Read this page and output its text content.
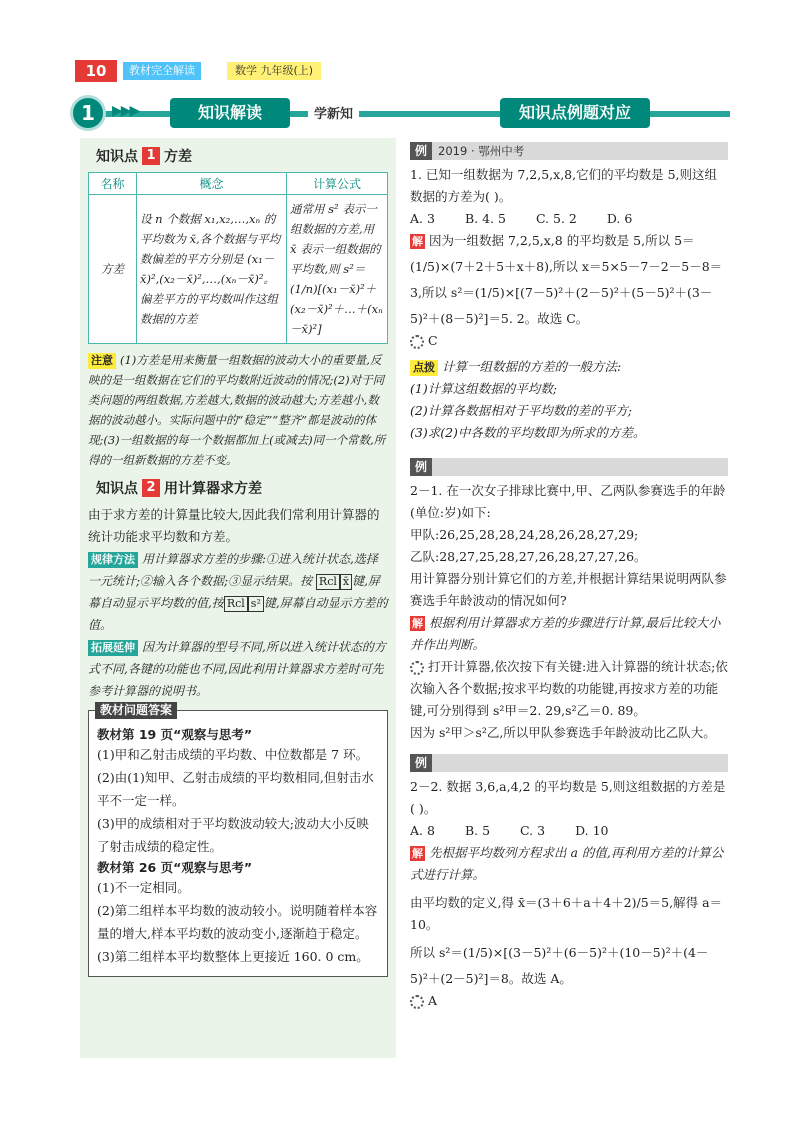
10	教材完全解读	数学 九年级(上)
1	▶▶▶	知识解读	学新知	知识点例题对应
知识点 1 方差
名称	概念	计算公式
方差	设 n 个数据 x₁,x₂,…,xₙ 的平均数为 x̄,各个数据与平均数偏差的平方分别是 (x₁－x̄)²,(x₂－x̄)²,…,(xₙ－x̄)²。偏差平方的平均数叫作这组数据的方差	通常用 s² 表示一组数据的方差,用 x̄ 表示一组数据的平均数,则 s²＝(1/n)[(x₁－x̄)²＋(x₂－x̄)²＋…＋(xₙ－x̄)²]
注意 (1)方差是用来衡量一组数据的波动大小的重要量,反映的是一组数据在它们的平均数附近波动的情况;(2)对于同类问题的两组数据,方差越大,数据的波动越大;方差越小,数据的波动越小。实际问题中的“稳定”“整齐”都是波动的体现;(3)一组数据的每一个数据都加上(或减去)同一个常数,所得的一组新数据的方差不变。
知识点 2 用计算器求方差
由于求方差的计算量比较大,因此我们常利用计算器的统计功能求平均数和方差。
规律方法 用计算器求方差的步骤:①进入统计状态,选择一元统计;②输入各个数据;③显示结果。按 Rcl x̄ 键,屏幕自动显示平均数的值,按 Rcl s² 键,屏幕自动显示方差的值。
拓展延伸 因为计算器的型号不同,所以进入统计状态的方式不同,各键的功能也不同,因此利用计算器求方差时可先参考计算器的说明书。
教材问题答案
教材第 19 页“观察与思考”
(1)甲和乙射击成绩的平均数、中位数都是 7 环。
(2)由(1)知甲、乙射击成绩的平均数相同,但射击水平不一定一样。
(3)甲的成绩相对于平均数波动较大;波动大小反映了射击成绩的稳定性。
教材第 26 页“观察与思考”
(1)不一定相同。
(2)第二组样本平均数的波动较小。说明随着样本容量的增大,样本平均数的波动变小,逐渐趋于稳定。
(3)第二组样本平均数整体上更接近 160. 0 cm。
例 2019 · 鄂州中考
1. 已知一组数据为 7,2,5,x,8,它们的平均数是 5,则这组数据的方差为( )。
A. 3 B. 4. 5 C. 5. 2 D. 6
解 因为一组数据 7,2,5,x,8 的平均数是 5,所以 5＝
(1/5)×(7＋2＋5＋x＋8),所以 x＝5×5－7－2－5－8＝
3,所以 s²＝(1/5)×[(7－5)²＋(2－5)²＋(5－5)²＋(3－
5)²＋(8－5)²]＝5. 2。故选 C。
C
点拨 计算一组数据的方差的一般方法:
(1)计算这组数据的平均数;
(2)计算各数据相对于平均数的差的平方;
(3)求(2)中各数的平均数即为所求的方差。
例
2－1. 在一次女子排球比赛中,甲、乙两队参赛选手的年龄(单位:岁)如下:
甲队:26,25,28,28,24,28,26,28,27,29;
乙队:28,27,25,28,27,26,28,27,27,26。
用计算器分别计算它们的方差,并根据计算结果说明两队参赛选手年龄波动的情况如何?
解 根据利用计算器求方差的步骤进行计算,最后比较大小并作出判断。
打开计算器,依次按下有关键:进入计算器的统计状态;依次输入各个数据;按求平均数的功能键,再按求方差的功能键,可分别得到 s²甲＝2. 29,s²乙＝0. 89。
因为 s²甲＞s²乙,所以甲队参赛选手年龄波动比乙队大。
例
2－2. 数据 3,6,a,4,2 的平均数是 5,则这组数据的方差是( )。
A. 8 B. 5 C. 3 D. 10
解 先根据平均数列方程求出 a 的值,再利用方差的计算公式进行计算。
由平均数的定义,得 x̄＝(3＋6＋a＋4＋2)/5＝5,解得 a＝10。
所以 s²＝(1/5)×[(3－5)²＋(6－5)²＋(10－5)²＋(4－
5)²＋(2－5)²]＝8。故选 A。
A
